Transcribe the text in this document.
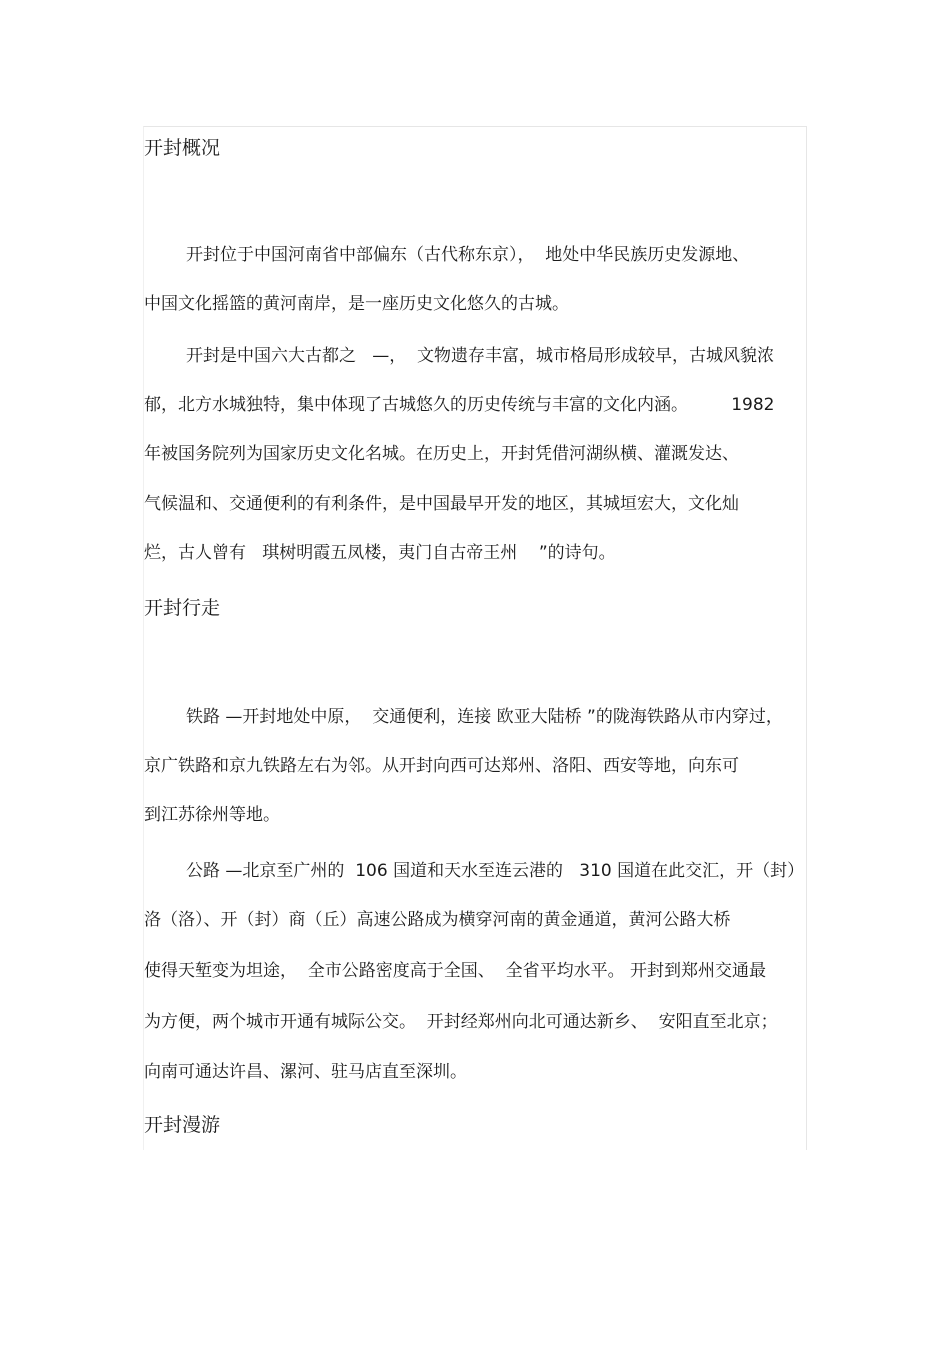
开封概况
开封位于中国河南省中部偏东（古代称东京），  地处中华民族历史发源地、
中国文化摇篮的黄河南岸，是一座历史文化悠久的古城。
开封是中国六大古都之   —，  文物遗存丰富，城市格局形成较早，古城风貌浓
郁，北方水城独特，集中体现了古城悠久的历史传统与丰富的文化内涵。        1982
年被国务院列为国家历史文化名城。在历史上，开封凭借河湖纵横、灌溉发达、
气候温和、交通便利的有利条件，是中国最早开发的地区，其城垣宏大，文化灿
烂，古人曾有   琪树明霞五凤楼，夷门自古帝王州    ”的诗句。
开封行走
铁路 —开封地处中原，  交通便利，连接 欧亚大陆桥 ”的陇海铁路从市内穿过，
京广铁路和京九铁路左右为邻。从开封向西可达郑州、洛阳、西安等地，向东可
到江苏徐州等地。
公路 —北京至广州的  106 国道和天水至连云港的   310 国道在此交汇，开（封）
洛（洛）、开（封）商（丘）高速公路成为横穿河南的黄金通道，黄河公路大桥
使得天堑变为坦途，  全市公路密度高于全国、  全省平均水平。 开封到郑州交通最
为方便，两个城市开通有城际公交。  开封经郑州向北可通达新乡、  安阳直至北京；
向南可通达许昌、漯河、驻马店直至深圳。
开封漫游
